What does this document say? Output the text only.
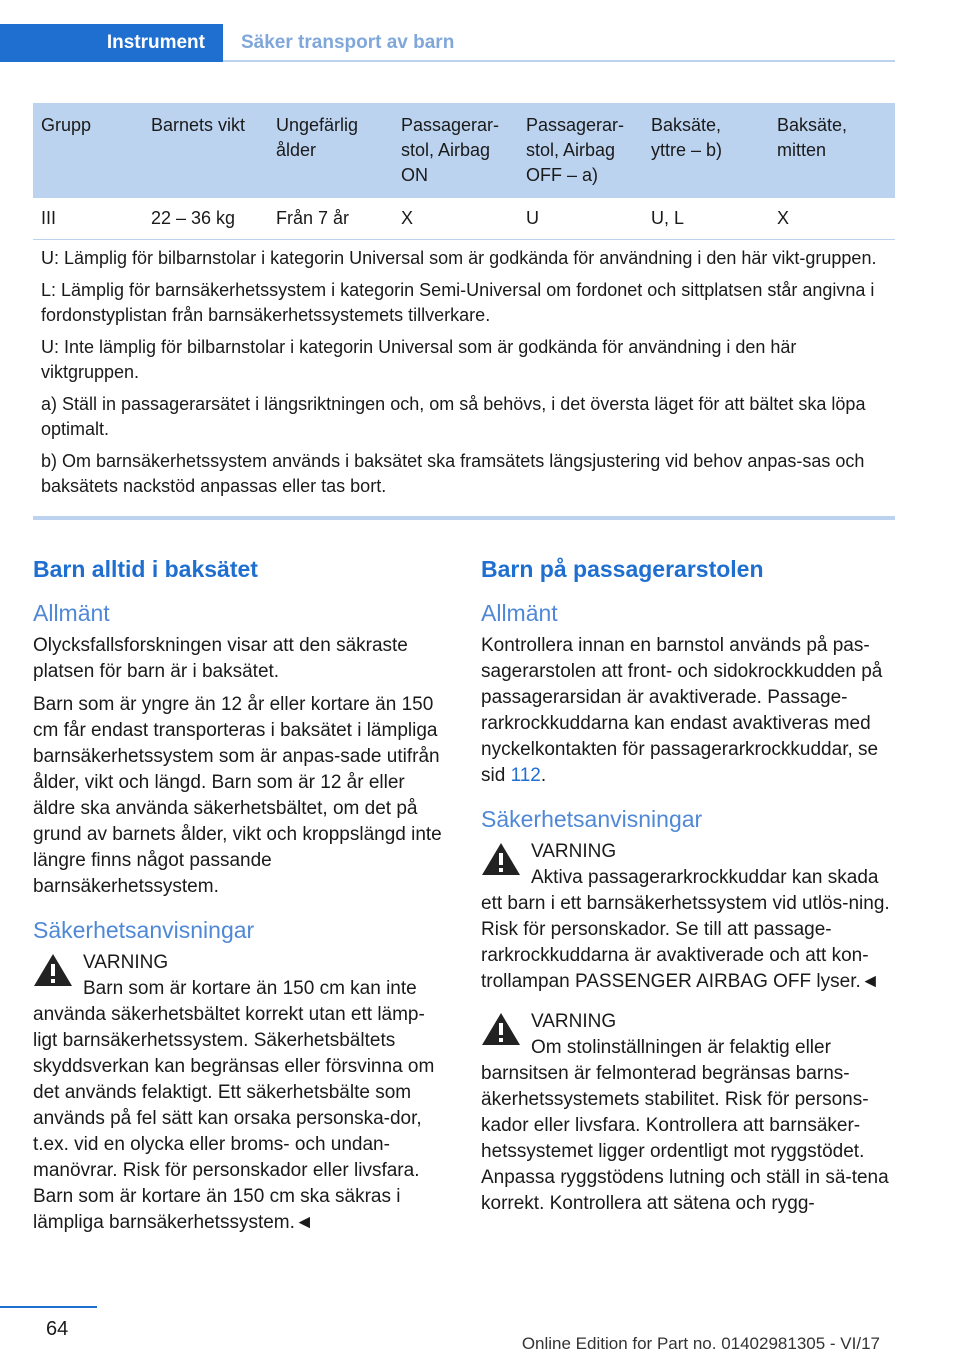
Instrument	Säker transport av barn
Grupp	Barnets vikt	Ungefärlig ålder	Passagerar-stol, Airbag ON	Passagerar-stol, Airbag OFF – a)	Baksäte, yttre – b)	Baksäte, mitten
III	22 – 36 kg	Från 7 år	X	U	U, L	X

U: Lämplig för bilbarnstolar i kategorin Universal som är godkända för användning i den här vikt-gruppen.

L: Lämplig för barnsäkerhetssystem i kategorin Semi-Universal om fordonet och sittplatsen står angivna i fordonstyplistan från barnsäkerhetssystemets tillverkare.

U: Inte lämplig för bilbarnstolar i kategorin Universal som är godkända för användning i den här viktgruppen.

a) Ställ in passagerarsätet i längsriktningen och, om så behövs, i det översta läget för att bältet ska löpa optimalt.

b) Om barnsäkerhetssystem används i baksätet ska framsätets längsjustering vid behov anpas-sas och baksätets nackstöd anpassas eller tas bort.

Barn alltid i baksätet
Allmänt

Olycksfallsforskningen visar att den säkraste platsen för barn är i baksätet.

Barn som är yngre än 12 år eller kortare än 150 cm får endast transporteras i baksätet i lämpliga barnsäkerhetssystem som är anpas-sade utifrån ålder, vikt och längd. Barn som är 12 år eller äldre ska använda säkerhetsbältet, om det på grund av barnets ålder, vikt och kroppslängd inte längre finns något passande barnsäkerhetssystem.

Säkerhetsanvisningar
VARNING
Barn som är kortare än 150 cm kan inte
använda säkerhetsbältet korrekt utan ett lämp-ligt barnsäkerhetssystem. Säkerhetsbältets skyddsverkan kan begränsas eller försvinna om det används felaktigt. Ett säkerhetsbälte som används på fel sätt kan orsaka personska-dor, t.ex. vid en olycka eller broms- och undan-manövrar. Risk för personskador eller livsfara. Barn som är kortare än 150 cm ska säkras i lämpliga barnsäkerhetssystem.◄
Barn på passagerarstolen
Allmänt

Kontrollera innan en barnstol används på pas-sagerarstolen att front- och sidokrockkudden på passagerarsidan är avaktiverade. Passage-rarkrockkuddarna kan endast avaktiveras med nyckelkontakten för passagerarkrockkuddar, se sid 112.

Säkerhetsanvisningar
VARNING
Aktiva passagerarkrockkuddar kan skada
ett barn i ett barnsäkerhetssystem vid utlös-ning. Risk för personskador. Se till att passage-rarkrockkuddarna är avaktiverade och att kon-trollampan PASSENGER AIRBAG OFF lyser.◄
VARNING
Om stolinställningen är felaktig eller
barnsitsen är felmonterad begränsas barns-äkerhetssystemets stabilitet. Risk för persons-kador eller livsfara. Kontrollera att barnsäker-hetssystemet ligger ordentligt mot ryggstödet. Anpassa ryggstödens lutning och ställ in sä-tena korrekt. Kontrollera att sätena och rygg-
64
Online Edition for Part no. 01402981305 - VI/17
